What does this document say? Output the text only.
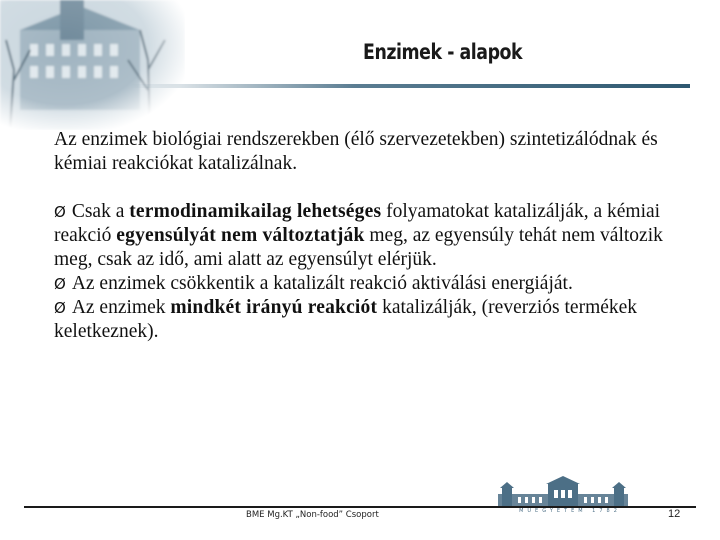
Enzimek - alapok

Az enzimek biológiai rendszerekben (élő szervezetekben) szintetizálódnak és kémiai reakciókat katalizálnak.

Ø Csak a termodinamikailag lehetséges folyamatokat katalizálják, a kémiai reakció egyensúlyát nem változtatják meg, az egyensúly tehát nem változik meg, csak az idő, ami alatt az egyensúlyt elérjük.

Ø Az enzimek csökkentik a katalizált reakció aktiválási energiáját.

Ø Az enzimek mindkét irányú reakciót katalizálják, (reverziós termékek keletkeznek).

MŰEGYETEM 1782
BME Mg.KT „Non-food” Csoport	12
